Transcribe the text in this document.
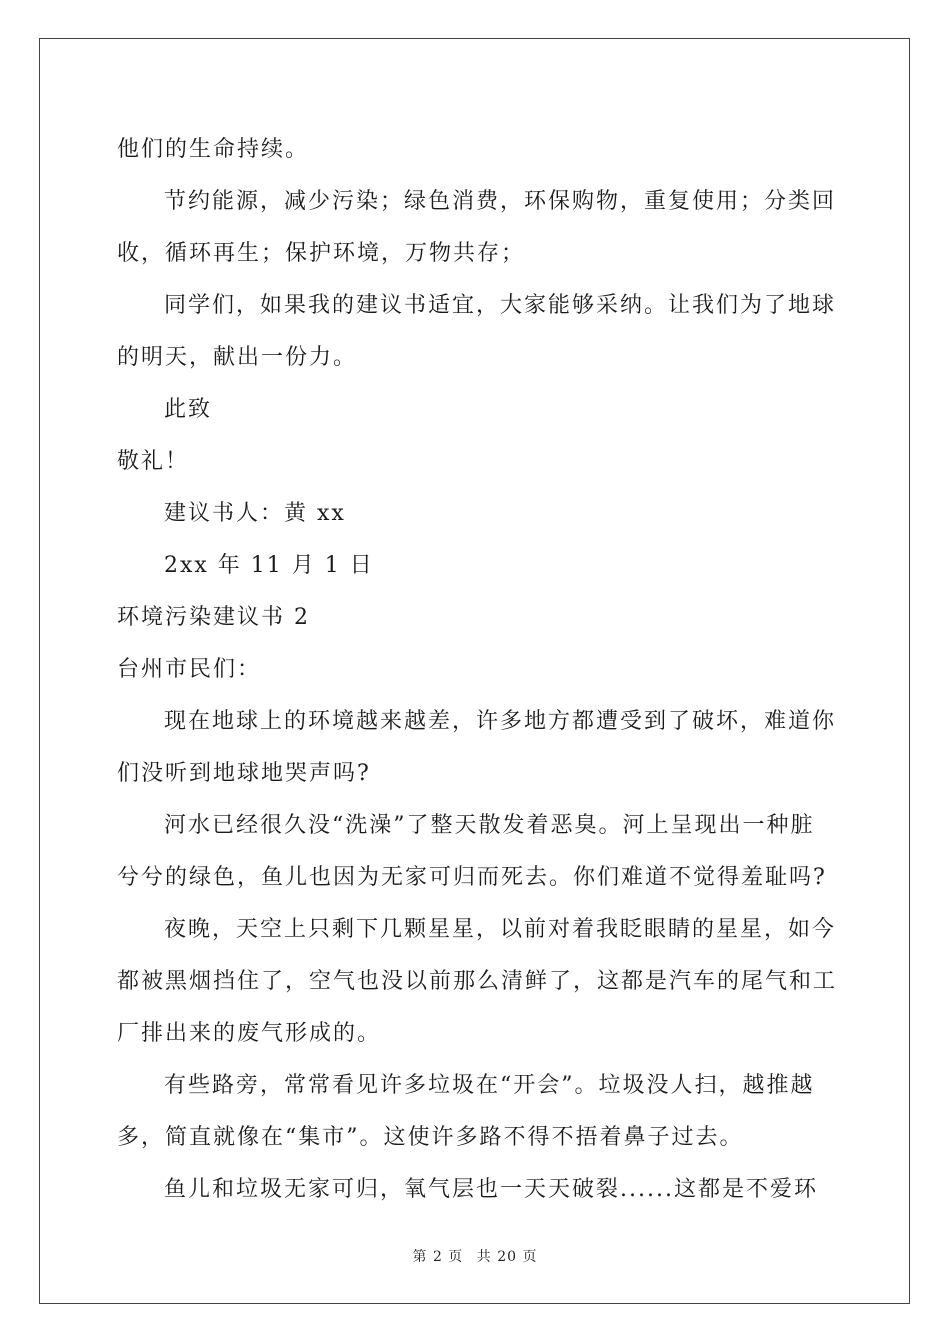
他们的生命持续。
节约能源，减少污染；绿色消费，环保购物，重复使用；分类回
收，循环再生；保护环境，万物共存；
同学们，如果我的建议书适宜，大家能够采纳。让我们为了地球
的明天，献出一份力。
此致
敬礼！
建议书人：黄 xx
2xx 年 11 月 1 日
环境污染建议书 2
台州市民们：
现在地球上的环境越来越差，许多地方都遭受到了破坏，难道你
们没听到地球地哭声吗?
河水已经很久没“洗澡”了整天散发着恶臭。河上呈现出一种脏
兮兮的绿色，鱼儿也因为无家可归而死去。你们难道不觉得羞耻吗?
夜晚，天空上只剩下几颗星星，以前对着我眨眼睛的星星，如今
都被黑烟挡住了，空气也没以前那么清鲜了，这都是汽车的尾气和工
厂排出来的废气形成的。
有些路旁，常常看见许多垃圾在“开会”。垃圾没人扫，越推越
多，简直就像在“集市”。这使许多路不得不捂着鼻子过去。
鱼儿和垃圾无家可归，氧气层也一天天破裂......这都是不爱环
第 2 页 共 20 页
